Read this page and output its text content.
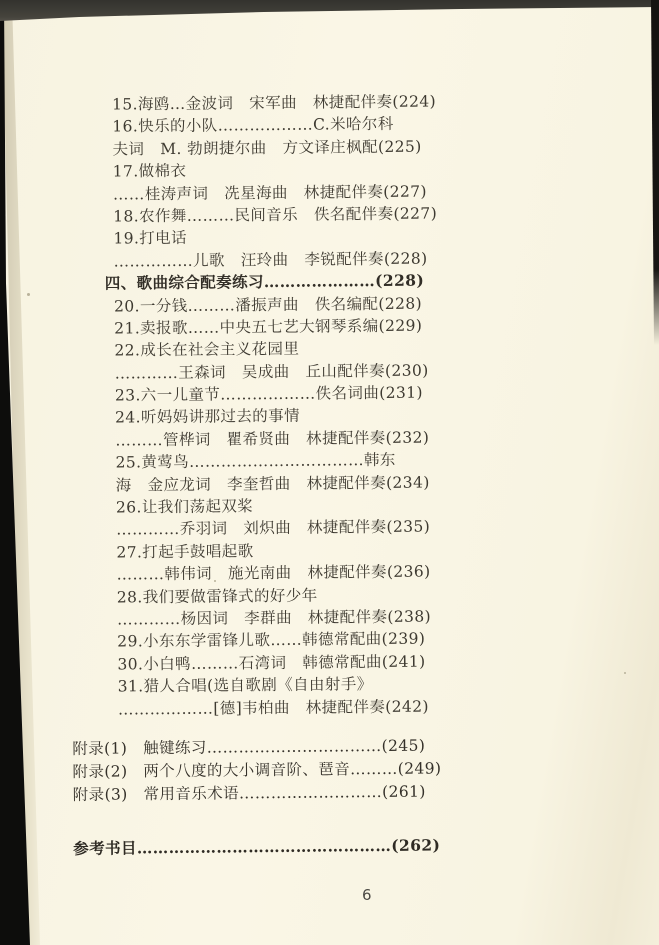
15.海鸥…金波词　宋军曲　林捷配伴奏(224)
16.快乐的小队………………C.米哈尔科
夫词　M. 勃朗捷尔曲　方文译庄枫配(225)
17.做棉衣
……桂涛声词　冼星海曲　林捷配伴奏(227)
18.农作舞………民间音乐　佚名配伴奏(227)
19.打电话
……………儿歌　汪玲曲　李锐配伴奏(228)
四、歌曲综合配奏练习…………………(228)
20.一分钱………潘振声曲　佚名编配(228)
21.卖报歌……中央五七艺大钢琴系编(229)
22.成长在社会主义花园里
…………王森词　吴成曲　丘山配伴奏(230)
23.六一儿童节………………佚名词曲(231)
24.听妈妈讲那过去的事情
………管桦词　瞿希贤曲　林捷配伴奏(232)
25.黄莺鸟……………………………韩东
海　金应龙词　李奎哲曲　林捷配伴奏(234)
26.让我们荡起双桨
…………乔羽词　刘炽曲　林捷配伴奏(235)
27.打起手鼓唱起歌
………韩伟词　施光南曲　林捷配伴奏(236)
28.我们要做雷锋式的好少年
…………杨因词　李群曲　林捷配伴奏(238)
29.小东东学雷锋儿歌……韩德常配曲(239)
30.小白鸭………石湾词　韩德常配曲(241)
31.猎人合唱(选自歌剧《自由射手》
………………[德]韦柏曲　林捷配伴奏(242)
附录(1)　触键练习……………………………(245)
附录(2)　两个八度的大小调音阶、琶音………(249)
附录(3)　常用音乐术语………………………(261)
参考书目…………………………………………(262)
6
